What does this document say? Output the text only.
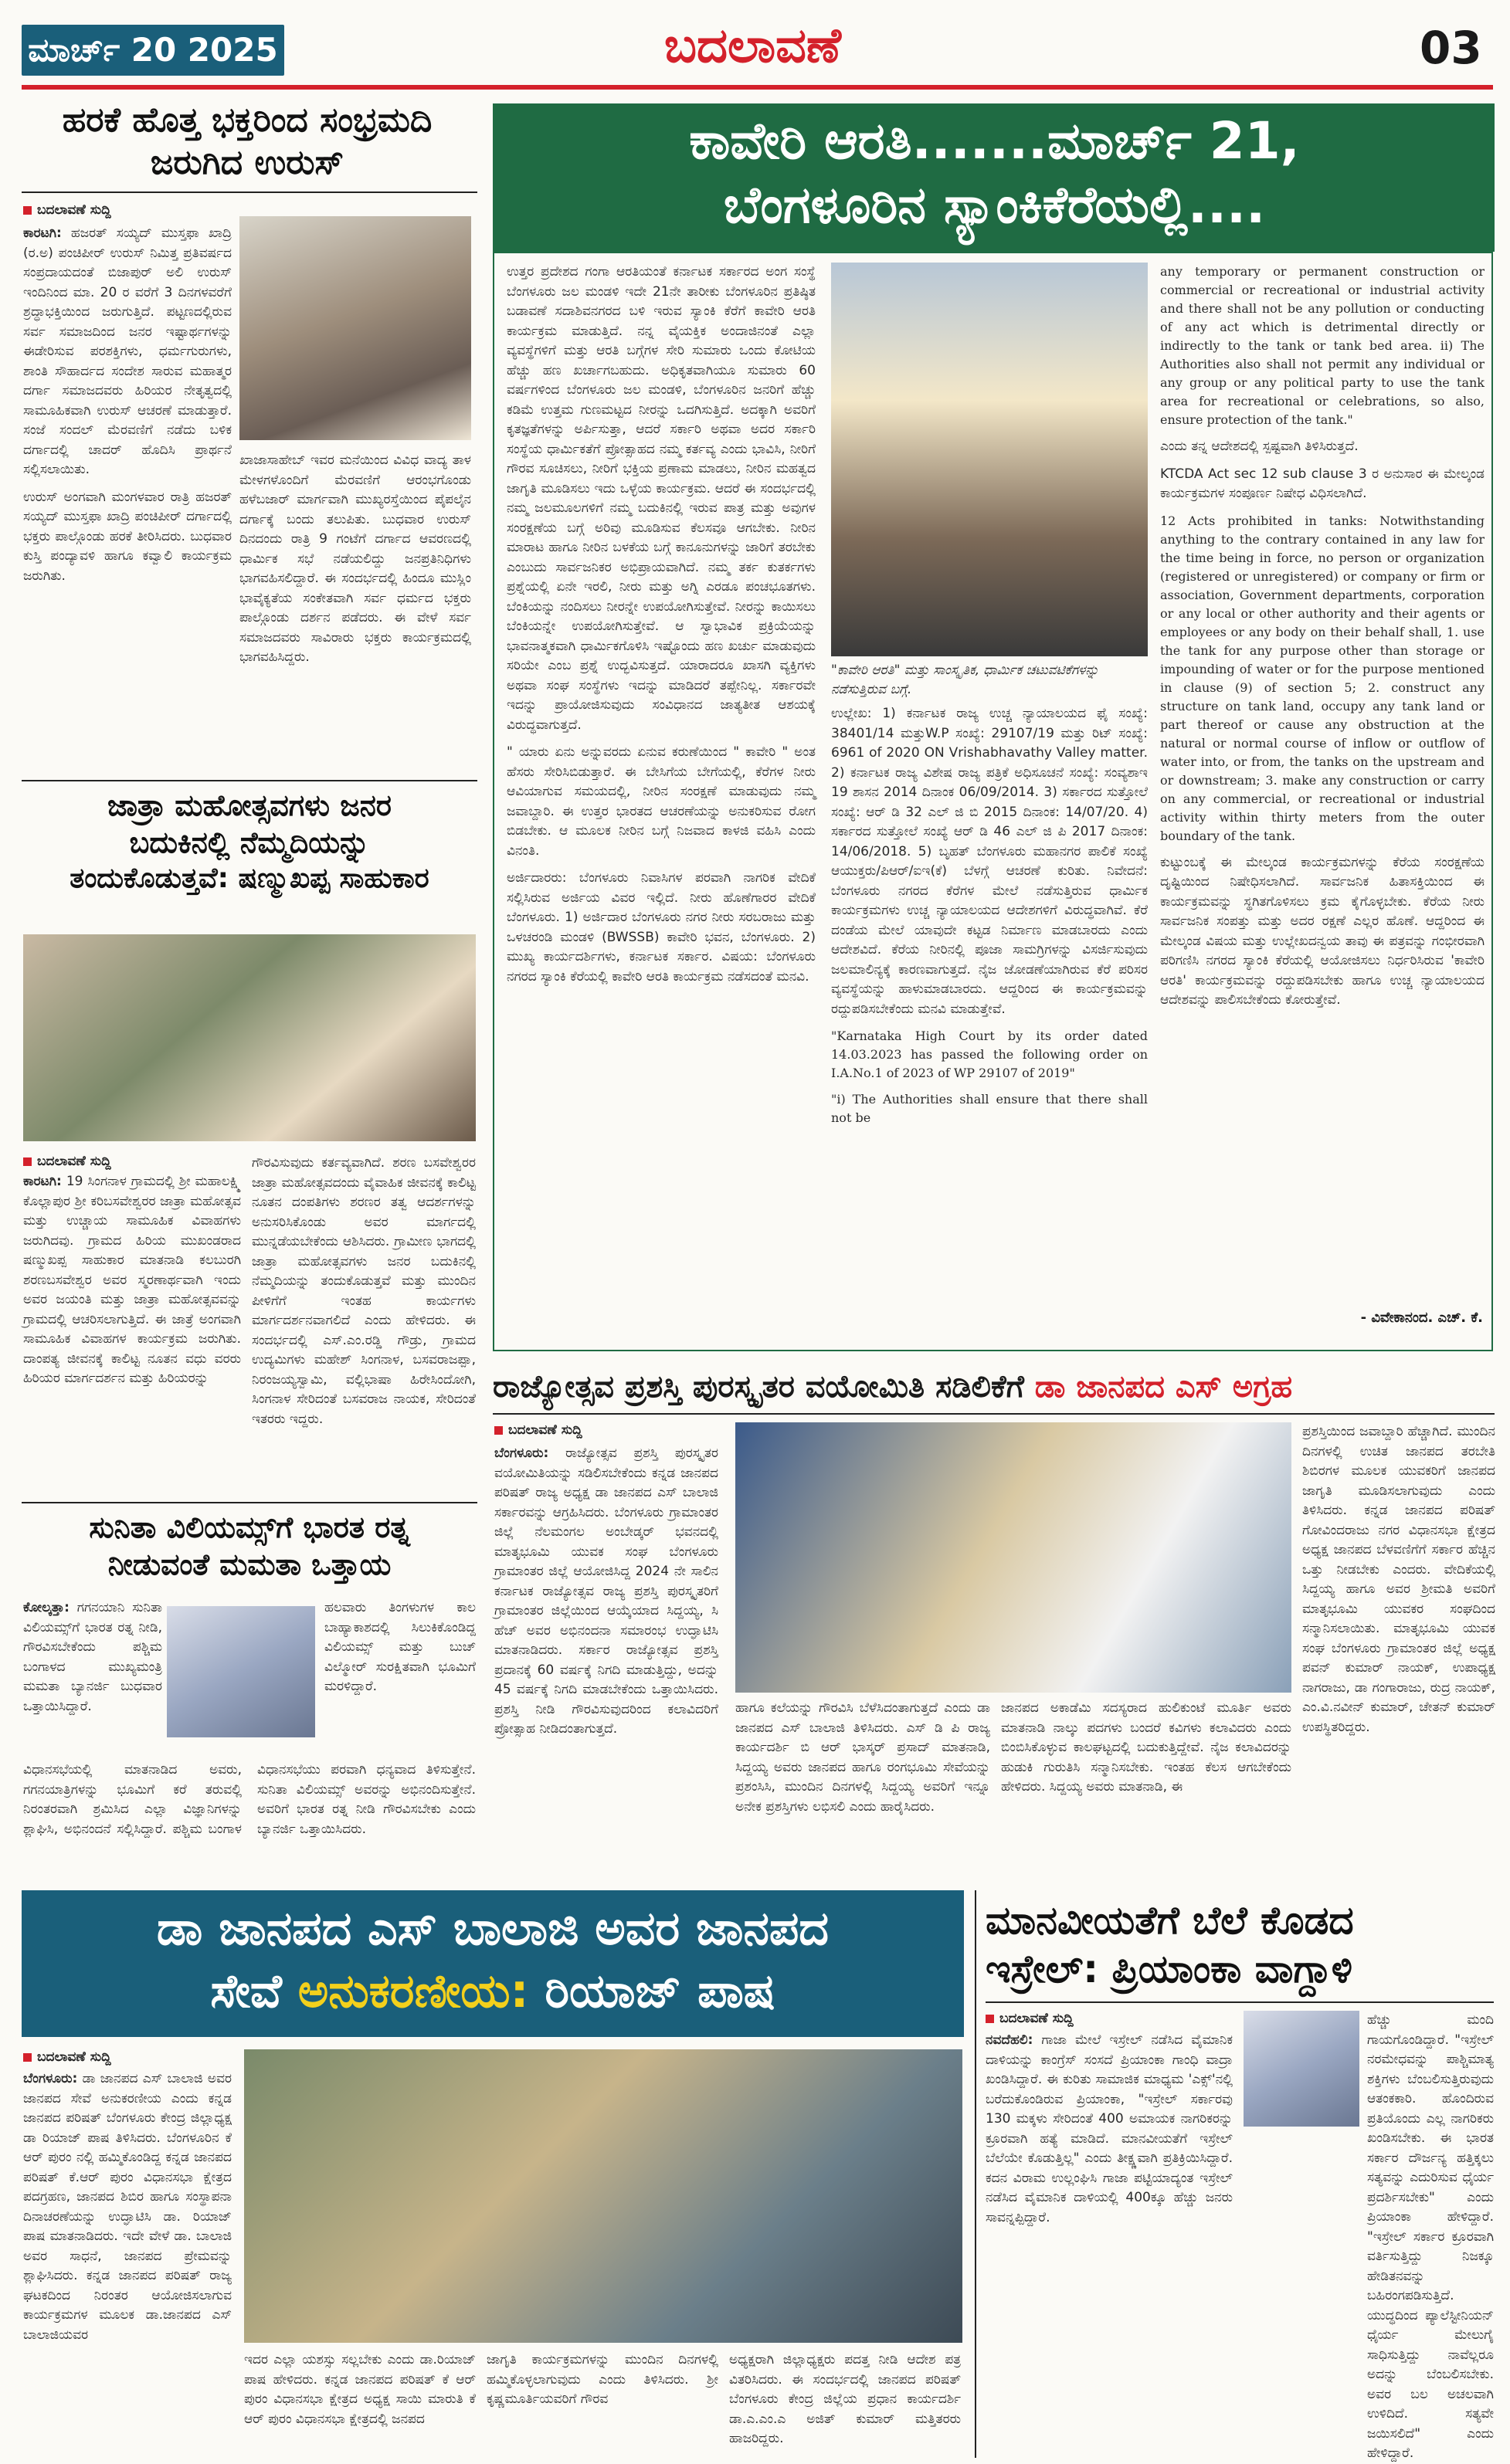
ಮಾರ್ಚ್ 20 2025	ಬದಲಾವಣೆ	03
ಹರಕೆ ಹೊತ್ತ ಭಕ್ತರಿಂದ ಸಂಭ್ರಮದಿ ಜರುಗಿದ ಉರುಸ್
ಬದಲಾವಣೆ ಸುದ್ದಿ

ಕಾರಟಗಿ: ಹಜರತ್ ಸಯ್ಯದ್ ಮುಸ್ತಫಾ ಖಾದ್ರಿ (ರ.ಅ) ಪಂಚಿಪೀರ್ ಉರುಸ್ ನಿಮಿತ್ತ ಪ್ರತಿವರ್ಷದ ಸಂಪ್ರದಾಯದಂತೆ ಬಿಜಾಪುರ್ ಅಲಿ ಉರುಸ್ ಇಂದಿನಿಂದ ಮಾ. 20 ರ ವರೆಗೆ 3 ದಿನಗಳವರೆಗೆ ಶ್ರದ್ಧಾಭಕ್ತಿಯಿಂದ ಜರುಗುತ್ತಿದೆ. ಪಟ್ಟಣದಲ್ಲಿರುವ ಸರ್ವ ಸಮಾಜದಿಂದ ಜನರ ಇಷ್ಟಾರ್ಥಗಳನ್ನು ಈಡೇರಿಸುವ ಪರಶಕ್ತಿಗಳು, ಧರ್ಮಗುರುಗಳು, ಶಾಂತಿ ಸೌಹಾರ್ದದ ಸಂದೇಶ ಸಾರುವ ಮಹಾತ್ಮರ ದರ್ಗಾ ಸಮಾಜದವರು ಹಿರಿಯರ ನೇತೃತ್ವದಲ್ಲಿ ಸಾಮೂಹಿಕವಾಗಿ ಉರುಸ್ ಆಚರಣೆ ಮಾಡುತ್ತಾರೆ. ಸಂಜೆ ಸಂದಲ್ ಮೆರವಣಿಗೆ ನಡೆದು ಬಳಿಕ ದರ್ಗಾದಲ್ಲಿ ಚಾದರ್ ಹೊದಿಸಿ ಪ್ರಾರ್ಥನೆ ಸಲ್ಲಿಸಲಾಯಿತು.

ಉರುಸ್ ಅಂಗವಾಗಿ ಮಂಗಳವಾರ ರಾತ್ರಿ ಹಜರತ್ ಸಯ್ಯದ್ ಮುಸ್ತಫಾ ಖಾದ್ರಿ ಪಂಚಿಪೀರ್ ದರ್ಗಾದಲ್ಲಿ ಭಕ್ತರು ಪಾಲ್ಗೊಂಡು ಹರಕೆ ತೀರಿಸಿದರು. ಬುಧವಾರ ಕುಸ್ತಿ ಪಂದ್ಯಾವಳಿ ಹಾಗೂ ಕವ್ವಾಲಿ ಕಾರ್ಯಕ್ರಮ ಜರುಗಿತು.

ಖಾಜಾಸಾಹೇಬ್ ಇವರ ಮನೆಯಿಂದ ವಿವಿಧ ವಾದ್ಯ ತಾಳ ಮೇಳಗಳೊಂದಿಗೆ ಮೆರವಣಿಗೆ ಆರಂಭಗೊಂಡು ಹಳೆಬಜಾರ್ ಮಾರ್ಗವಾಗಿ ಮುಖ್ಯರಸ್ತೆಯಿಂದ ಪೈಪಲೈನ ದರ್ಗಾಕ್ಕೆ ಬಂದು ತಲುಪಿತು. ಬುಧವಾರ ಉರುಸ್ ದಿನದಂದು ರಾತ್ರಿ 9 ಗಂಟೆಗೆ ದರ್ಗಾದ ಆವರಣದಲ್ಲಿ ಧಾರ್ಮಿಕ ಸಭೆ ನಡೆಯಲಿದ್ದು ಜನಪ್ರತಿನಿಧಿಗಳು ಭಾಗವಹಿಸಲಿದ್ದಾರೆ. ಈ ಸಂದರ್ಭದಲ್ಲಿ ಹಿಂದೂ ಮುಸ್ಲಿಂ ಭಾವೈಕ್ಯತೆಯ ಸಂಕೇತವಾಗಿ ಸರ್ವ ಧರ್ಮದ ಭಕ್ತರು ಪಾಲ್ಗೊಂಡು ದರ್ಶನ ಪಡೆದರು. ಈ ವೇಳೆ ಸರ್ವ ಸಮಾಜದವರು ಸಾವಿರಾರು ಭಕ್ತರು ಕಾರ್ಯಕ್ರಮದಲ್ಲಿ ಭಾಗವಹಿಸಿದ್ದರು.

ಜಾತ್ರಾ ಮಹೋತ್ಸವಗಳು ಜನರ
ಬದುಕಿನಲ್ಲಿ ನೆಮ್ಮದಿಯನ್ನು
ತಂದುಕೊಡುತ್ತವೆ: ಷಣ್ಮುಖಪ್ಪ ಸಾಹುಕಾರ
ಬದಲಾವಣೆ ಸುದ್ದಿ

ಕಾರಟಗಿ: 19 ಸಿಂಗನಾಳ ಗ್ರಾಮದಲ್ಲಿ ಶ್ರೀ ಮಹಾಲಕ್ಷ್ಮಿ ಕೊಲ್ಲಾಪುರ ಶ್ರೀ ಕರಿಬಸವೇಶ್ವರರ ಜಾತ್ರಾ ಮಹೋತ್ಸವ ಮತ್ತು ಉಚ್ಚಾಯ ಸಾಮೂಹಿಕ ವಿವಾಹಗಳು ಜರುಗಿದವು. ಗ್ರಾಮದ ಹಿರಿಯ ಮುಖಂಡರಾದ ಷಣ್ಮುಖಪ್ಪ ಸಾಹುಕಾರ ಮಾತನಾಡಿ ಕಲಬುರಗಿ ಶರಣಬಸವೇಶ್ವರ ಅವರ ಸ್ಮರಣಾರ್ಥವಾಗಿ ಇಂದು ಅವರ ಜಯಂತಿ ಮತ್ತು ಜಾತ್ರಾ ಮಹೋತ್ಸವವನ್ನು ಗ್ರಾಮದಲ್ಲಿ ಆಚರಿಸಲಾಗುತ್ತಿದೆ. ಈ ಜಾತ್ರೆ ಅಂಗವಾಗಿ ಸಾಮೂಹಿಕ ವಿವಾಹಗಳ ಕಾರ್ಯಕ್ರಮ ಜರುಗಿತು. ದಾಂಪತ್ಯ ಜೀವನಕ್ಕೆ ಕಾಲಿಟ್ಟ ನೂತನ ವಧು ವರರು ಹಿರಿಯರ ಮಾರ್ಗದರ್ಶನ ಮತ್ತು ಹಿರಿಯರನ್ನು

ಗೌರವಿಸುವುದು ಕರ್ತವ್ಯವಾಗಿದೆ. ಶರಣ ಬಸವೇಶ್ವರರ ಜಾತ್ರಾ ಮಹೋತ್ಸವದಂದು ವೈವಾಹಿಕ ಜೀವನಕ್ಕೆ ಕಾಲಿಟ್ಟ ನೂತನ ದಂಪತಿಗಳು ಶರಣರ ತತ್ವ ಆದರ್ಶಗಳನ್ನು ಅನುಸರಿಸಿಕೊಂಡು ಅವರ ಮಾರ್ಗದಲ್ಲಿ ಮುನ್ನಡೆಯಬೇಕೆಂದು ಆಶಿಸಿದರು. ಗ್ರಾಮೀಣ ಭಾಗದಲ್ಲಿ ಜಾತ್ರಾ ಮಹೋತ್ಸವಗಳು ಜನರ ಬದುಕಿನಲ್ಲಿ ನೆಮ್ಮದಿಯನ್ನು ತಂದುಕೊಡುತ್ತವೆ ಮತ್ತು ಮುಂದಿನ ಪೀಳಿಗೆಗೆ ಇಂತಹ ಕಾರ್ಯಗಳು ಮಾರ್ಗದರ್ಶನವಾಗಲಿದೆ ಎಂದು ಹೇಳಿದರು. ಈ ಸಂದರ್ಭದಲ್ಲಿ ಎಸ್.ಎಂ.ರಡ್ಡಿ ಗೌಡ್ರು, ಗ್ರಾಮದ ಉದ್ಯಮಿಗಳು ಮಹೇಶ್ ಸಿಂಗನಾಳ, ಬಸವರಾಜಪ್ಪಾ, ನಿರಂಜಯ್ಯಸ್ವಾಮಿ, ವಲ್ಲಿಭಾಷಾ ಹಿರೇಸಿಂದೋಗಿ, ಸಿಂಗನಾಳ ಸೇರಿದಂತೆ ಬಸವರಾಜ ನಾಯಕ, ಸೇರಿದಂತೆ ಇತರರು ಇದ್ದರು.

ಸುನಿತಾ ವಿಲಿಯಮ್ಸ್‌ಗೆ ಭಾರತ ರತ್ನ
ನೀಡುವಂತೆ ಮಮತಾ ಒತ್ತಾಯ

ಕೋಲ್ಕತ್ತಾ: ಗಗನಯಾನಿ ಸುನಿತಾ ವಿಲಿಯಮ್ಸ್‌ಗೆ ಭಾರತ ರತ್ನ ನೀಡಿ, ಗೌರವಿಸಬೇಕೆಂದು ಪಶ್ಚಿಮ ಬಂಗಾಳದ ಮುಖ್ಯಮಂತ್ರಿ ಮಮತಾ ಬ್ಯಾನರ್ಜಿ ಬುಧವಾರ ಒತ್ತಾಯಿಸಿದ್ದಾರೆ.

ಹಲವಾರು ತಿಂಗಳುಗಳ ಕಾಲ ಬಾಹ್ಯಾಕಾಶದಲ್ಲಿ ಸಿಲುಕಿಕೊಂಡಿದ್ದ ವಿಲಿಯಮ್ಸ್ ಮತ್ತು ಬುಚ್ ವಿಲ್ಮೋರ್ ಸುರಕ್ಷಿತವಾಗಿ ಭೂಮಿಗೆ ಮರಳಿದ್ದಾರೆ.

ವಿಧಾನಸಭೆಯಲ್ಲಿ ಮಾತನಾಡಿದ ಅವರು, ಗಗನಯಾತ್ರಿಗಳನ್ನು ಭೂಮಿಗೆ ಕರೆ ತರುವಲ್ಲಿ ನಿರಂತರವಾಗಿ ಶ್ರಮಿಸಿದ ಎಲ್ಲಾ ವಿಜ್ಞಾನಿಗಳನ್ನು ಶ್ಲಾಘಿಸಿ, ಅಭಿನಂದನೆ ಸಲ್ಲಿಸಿದ್ದಾರೆ. ಪಶ್ಚಿಮ ಬಂಗಾಳ ವಿಧಾನಸಭೆಯು ಪರವಾಗಿ ಧನ್ಯವಾದ ತಿಳಿಸುತ್ತೇನೆ. ಸುನಿತಾ ವಿಲಿಯಮ್ಸ್ ಅವರನ್ನು ಅಭಿನಂದಿಸುತ್ತೇನೆ. ಅವರಿಗೆ ಭಾರತ ರತ್ನ ನೀಡಿ ಗೌರವಿಸಬೇಕು ಎಂದು ಬ್ಯಾನರ್ಜಿ ಒತ್ತಾಯಿಸಿದರು.

ಕಾವೇರಿ ಆರತಿ.......ಮಾರ್ಚ್ 21,
ಬೆಂಗಳೂರಿನ ಸ್ಯಾಂಕಿಕೆರೆಯಲ್ಲಿ....

ಉತ್ತರ ಪ್ರದೇಶದ ಗಂಗಾ ಆರತಿಯಂತೆ ಕರ್ನಾಟಕ ಸರ್ಕಾರದ ಅಂಗ ಸಂಸ್ಥೆ ಬೆಂಗಳೂರು ಜಲ ಮಂಡಳಿ ಇದೇ 21ನೇ ತಾರೀಕು ಬೆಂಗಳೂರಿನ ಪ್ರತಿಷ್ಠಿತ ಬಡಾವಣೆ ಸದಾಶಿವನಗರದ ಬಳಿ ಇರುವ ಸ್ಯಾಂಕಿ ಕೆರೆಗೆ ಕಾವೇರಿ ಆರತಿ ಕಾರ್ಯಕ್ರಮ ಮಾಡುತ್ತಿದೆ. ನನ್ನ ವೈಯಕ್ತಿಕ ಅಂದಾಜಿನಂತೆ ಎಲ್ಲಾ ವ್ಯವಸ್ಥೆಗಳಿಗೆ ಮತ್ತು ಆರತಿ ಬಗ್ಗೆಗಳ ಸೇರಿ ಸುಮಾರು ಒಂದು ಕೋಟಿಯ ಹೆಚ್ಚು ಹಣ ಖರ್ಚಾಗಬಹುದು. ಅಧಿಕೃತವಾಗಿಯೂ ಸುಮಾರು 60 ವರ್ಷಗಳಿಂದ ಬೆಂಗಳೂರು ಜಲ ಮಂಡಳಿ, ಬೆಂಗಳೂರಿನ ಜನರಿಗೆ ಹೆಚ್ಚು ಕಡಿಮೆ ಉತ್ತಮ ಗುಣಮಟ್ಟದ ನೀರನ್ನು ಒದಗಿಸುತ್ತಿದೆ. ಅದಕ್ಕಾಗಿ ಅವರಿಗೆ ಕೃತಜ್ಞತೆಗಳನ್ನು ಅರ್ಪಿಸುತ್ತಾ, ಆದರೆ ಸರ್ಕಾರಿ ಅಥವಾ ಅದರ ಸರ್ಕಾರಿ ಸಂಸ್ಥೆಯ ಧಾರ್ಮಿಕತೆಗೆ ಪ್ರೋತ್ಸಾಹದ ನಮ್ಮ ಕರ್ತವ್ಯ ಎಂದು ಭಾವಿಸಿ, ನೀರಿಗೆ ಗೌರವ ಸೂಚಿಸಲು, ನೀರಿಗೆ ಭಕ್ತಿಯ ಪ್ರಣಾಮ ಮಾಡಲು, ನೀರಿನ ಮಹತ್ವದ ಜಾಗೃತಿ ಮೂಡಿಸಲು ಇದು ಒಳ್ಳೆಯ ಕಾರ್ಯಕ್ರಮ. ಆದರೆ ಈ ಸಂದರ್ಭದಲ್ಲಿ ನಮ್ಮ ಜಲಮೂಲಗಳಿಗೆ ನಮ್ಮ ಬದುಕಿನಲ್ಲಿ ಇರುವ ಪಾತ್ರ ಮತ್ತು ಅವುಗಳ ಸಂರಕ್ಷಣೆಯ ಬಗ್ಗೆ ಅರಿವು ಮೂಡಿಸುವ ಕೆಲಸವೂ ಆಗಬೇಕು. ನೀರಿನ ಮಾರಾಟ ಹಾಗೂ ನೀರಿನ ಬಳಕೆಯ ಬಗ್ಗೆ ಕಾನೂನುಗಳನ್ನು ಜಾರಿಗೆ ತರಬೇಕು ಎಂಬುದು ಸಾರ್ವಜನಿಕರ ಅಭಿಪ್ರಾಯವಾಗಿದೆ. ನಮ್ಮ ತರ್ಕ ಕುತರ್ಕಗಳು ಪ್ರಶ್ನೆಯಲ್ಲಿ ಏನೇ ಇರಲಿ, ನೀರು ಮತ್ತು ಅಗ್ನಿ ಎರಡೂ ಪಂಚಭೂತಗಳು. ಬೆಂಕಿಯನ್ನು ನಂದಿಸಲು ನೀರನ್ನೇ ಉಪಯೋಗಿಸುತ್ತೇವೆ. ನೀರನ್ನು ಕಾಯಿಸಲು ಬೆಂಕಿಯನ್ನೇ ಉಪಯೋಗಿಸುತ್ತೇವೆ. ಆ ಸ್ವಾಭಾವಿಕ ಪ್ರಕ್ರಿಯೆಯನ್ನು ಭಾವನಾತ್ಮಕವಾಗಿ ಧಾರ್ಮಿಕಗೊಳಿಸಿ ಇಷ್ಟೊಂದು ಹಣ ಖರ್ಚು ಮಾಡುವುದು ಸರಿಯೇ ಎಂಬ ಪ್ರಶ್ನೆ ಉದ್ಭವಿಸುತ್ತದೆ. ಯಾರಾದರೂ ಖಾಸಗಿ ವ್ಯಕ್ತಿಗಳು ಅಥವಾ ಸಂಘ ಸಂಸ್ಥೆಗಳು ಇದನ್ನು ಮಾಡಿದರೆ ತಪ್ಪೇನಿಲ್ಲ. ಸರ್ಕಾರವೇ ಇದನ್ನು ಪ್ರಾಯೋಜಿಸುವುದು ಸಂವಿಧಾನದ ಜಾತ್ಯತೀತ ಆಶಯಕ್ಕೆ ವಿರುದ್ಧವಾಗುತ್ತದೆ.

" ಯಾರು ಏನು ಅನ್ನುವರದು ಏನುವ ಕರುಣೆಯಿಂದ " ಕಾವೇರಿ " ಅಂತ ಹೆಸರು ಸೇರಿಸಿಬಿಡುತ್ತಾರೆ. ಈ ಬೇಸಿಗೆಯ ಬೇಗೆಯಲ್ಲಿ, ಕೆರೆಗಳ ನೀರು ಆವಿಯಾಗುವ ಸಮಯದಲ್ಲಿ, ನೀರಿನ ಸಂರಕ್ಷಣೆ ಮಾಡುವುದು ನಮ್ಮ ಜವಾಬ್ದಾರಿ. ಈ ಉತ್ತರ ಭಾರತದ ಆಚರಣೆಯನ್ನು ಅನುಕರಿಸುವ ರೋಗ ಬಿಡಬೇಕು. ಆ ಮೂಲಕ ನೀರಿನ ಬಗ್ಗೆ ನಿಜವಾದ ಕಾಳಜಿ ವಹಿಸಿ ಎಂದು ವಿನಂತಿ.

ಅರ್ಜಿದಾರರು: ಬೆಂಗಳೂರು ನಿವಾಸಿಗಳ ಪರವಾಗಿ ನಾಗರಿಕ ವೇದಿಕೆ ಸಲ್ಲಿಸಿರುವ ಅರ್ಜಿಯ ವಿವರ ಇಲ್ಲಿದೆ. ನೀರು ಹೊಣೆಗಾರರ ವೇದಿಕೆ ಬೆಂಗಳೂರು. 1) ಅರ್ಜಿದಾರ ಬೆಂಗಳೂರು ನಗರ ನೀರು ಸರಬರಾಜು ಮತ್ತು ಒಳಚರಂಡಿ ಮಂಡಳಿ (BWSSB) ಕಾವೇರಿ ಭವನ, ಬೆಂಗಳೂರು. 2) ಮುಖ್ಯ ಕಾರ್ಯದರ್ಶಿಗಳು, ಕರ್ನಾಟಕ ಸರ್ಕಾರ. ವಿಷಯ: ಬೆಂಗಳೂರು ನಗರದ ಸ್ಯಾಂಕಿ ಕೆರೆಯಲ್ಲಿ ಕಾವೇರಿ ಆರತಿ ಕಾರ್ಯಕ್ರಮ ನಡೆಸದಂತೆ ಮನವಿ.

"ಕಾವೇರಿ ಆರತಿ" ಮತ್ತು ಸಾಂಸ್ಕೃತಿಕ, ಧಾರ್ಮಿಕ ಚಟುವಟಿಕೆಗಳನ್ನು ನಡೆಸುತ್ತಿರುವ ಬಗ್ಗೆ.

ಉಲ್ಲೇಖ: 1) ಕರ್ನಾಟಕ ರಾಜ್ಯ ಉಚ್ಚ ನ್ಯಾಯಾಲಯದ ಫೈ ಸಂಖ್ಯೆ: 38401/14 ಮತ್ತುW.P ಸಂಖ್ಯೆ: 29107/19 ಮತ್ತು ರಿಟ್ ಸಂಖ್ಯೆ: 6961 of 2020 ON Vrishabhavathy Valley matter. 2) ಕರ್ನಾಟಕ ರಾಜ್ಯ ವಿಶೇಷ ರಾಜ್ಯ ಪತ್ರಿಕೆ ಅಧಿಸೂಚನೆ ಸಂಖ್ಯೆ: ಸಂವ್ಯಶಾಇ 19 ಶಾಸನ 2014 ದಿನಾಂಕ 06/09/2014. 3) ಸರ್ಕಾರದ ಸುತ್ತೋಲೆ ಸಂಖ್ಯೆ: ಆರ್ ಡಿ 32 ಎಲ್ ಜಿ ಬಿ 2015 ದಿನಾಂಕ: 14/07/20. 4) ಸರ್ಕಾರದ ಸುತ್ತೋಲೆ ಸಂಖ್ಯೆ ಆರ್ ಡಿ 46 ಎಲ್ ಜಿ ಪಿ 2017 ದಿನಾಂಕ: 14/06/2018. 5) ಬೃಹತ್ ಬೆಂಗಳೂರು ಮಹಾನಗರ ಪಾಲಿಕೆ ಸಂಖ್ಯೆ ಆಯುಕ್ತರು/ಪಿಆರ್/ಐಇ(ಕೆ) ಬೆಳಗ್ಗೆ ಆಚರಣೆ ಕುರಿತು. ನಿವೇದನೆ: ಬೆಂಗಳೂರು ನಗರದ ಕೆರೆಗಳ ಮೇಲೆ ನಡೆಸುತ್ತಿರುವ ಧಾರ್ಮಿಕ ಕಾರ್ಯಕ್ರಮಗಳು ಉಚ್ಚ ನ್ಯಾಯಾಲಯದ ಆದೇಶಗಳಿಗೆ ವಿರುದ್ಧವಾಗಿವೆ. ಕೆರೆ ದಂಡೆಯ ಮೇಲೆ ಯಾವುದೇ ಕಟ್ಟಡ ನಿರ್ಮಾಣ ಮಾಡಬಾರದು ಎಂದು ಆದೇಶವಿದೆ. ಕೆರೆಯ ನೀರಿನಲ್ಲಿ ಪೂಜಾ ಸಾಮಗ್ರಿಗಳನ್ನು ವಿಸರ್ಜಿಸುವುದು ಜಲಮಾಲಿನ್ಯಕ್ಕೆ ಕಾರಣವಾಗುತ್ತದೆ. ನೈಜ ಜೋಡಣೆಯಾಗಿರುವ ಕೆರೆ ಪರಿಸರ ವ್ಯವಸ್ಥೆಯನ್ನು ಹಾಳುಮಾಡಬಾರದು. ಆದ್ದರಿಂದ ಈ ಕಾರ್ಯಕ್ರಮವನ್ನು ರದ್ದುಪಡಿಸಬೇಕೆಂದು ಮನವಿ ಮಾಡುತ್ತೇವೆ.

"Karnataka High Court by its order dated 14.03.2023 has passed the following order on I.A.No.1 of 2023 of WP 29107 of 2019"

"i) The Authorities shall ensure that there shall not be

any temporary or permanent construction or commercial or recreational or industrial activity and there shall not be any pollution or conducting of any act which is detrimental directly or indirectly to the tank or tank bed area. ii) The Authorities also shall not permit any individual or any group or any political party to use the tank area for recreational or celebrations, so also, ensure protection of the tank."

ಎಂದು ತನ್ನ ಆದೇಶದಲ್ಲಿ ಸ್ಪಷ್ಟವಾಗಿ ತಿಳಿಸಿರುತ್ತದೆ.

KTCDA Act sec 12 sub clause 3 ರ ಅನುಸಾರ ಈ ಮೇಲ್ಕಂಡ ಕಾರ್ಯಕ್ರಮಗಳ ಸಂಪೂರ್ಣ ನಿಷೇಧ ವಿಧಿಸಲಾಗಿದೆ.

12 Acts prohibited in tanks: Notwithstanding anything to the contrary contained in any law for the time being in force, no person or organization (registered or unregistered) or company or firm or association, Government departments, corporation or any local or other authority and their agents or employees or any body on their behalf shall, 1. use the tank for any purpose other than storage or impounding of water or for the purpose mentioned in clause (9) of section 5; 2. construct any structure on tank land, occupy any tank land or part thereof or cause any obstruction at the natural or normal course of inflow or outflow of water into, or from, the tanks on the upstream and or downstream; 3. make any construction or carry on any commercial, or recreational or industrial activity within thirty meters from the outer boundary of the tank.

ಕುಟ್ಟುಂಬಕ್ಕೆ ಈ ಮೇಲ್ಕಂಡ ಕಾರ್ಯಕ್ರಮಗಳನ್ನು ಕೆರೆಯ ಸಂರಕ್ಷಣೆಯ ದೃಷ್ಟಿಯಿಂದ ನಿಷೇಧಿಸಲಾಗಿದೆ. ಸಾರ್ವಜನಿಕ ಹಿತಾಸಕ್ತಿಯಿಂದ ಈ ಕಾರ್ಯಕ್ರಮವನ್ನು ಸ್ಥಗಿತಗೊಳಿಸಲು ಕ್ರಮ ಕೈಗೊಳ್ಳಬೇಕು. ಕೆರೆಯ ನೀರು ಸಾರ್ವಜನಿಕ ಸಂಪತ್ತು ಮತ್ತು ಅದರ ರಕ್ಷಣೆ ಎಲ್ಲರ ಹೊಣೆ. ಆದ್ದರಿಂದ ಈ ಮೇಲ್ಕಂಡ ವಿಷಯ ಮತ್ತು ಉಲ್ಲೇಖದನ್ವಯ ತಾವು ಈ ಪತ್ರವನ್ನು ಗಂಭೀರವಾಗಿ ಪರಿಗಣಿಸಿ ನಗರದ ಸ್ಯಾಂಕಿ ಕೆರೆಯಲ್ಲಿ ಆಯೋಜಿಸಲು ನಿರ್ಧರಿಸಿರುವ 'ಕಾವೇರಿ ಆರತಿ' ಕಾರ್ಯಕ್ರಮವನ್ನು ರದ್ದುಪಡಿಸಬೇಕು ಹಾಗೂ ಉಚ್ಚ ನ್ಯಾಯಾಲಯದ ಆದೇಶವನ್ನು ಪಾಲಿಸಬೇಕೆಂದು ಕೋರುತ್ತೇವೆ.

- ವಿವೇಕಾನಂದ. ಎಚ್. ಕೆ.
ರಾಜ್ಯೋತ್ಸವ ಪ್ರಶಸ್ತಿ ಪುರಸ್ಕೃತರ ವಯೋಮಿತಿ ಸಡಿಲಿಕೆಗೆ ಡಾ ಜಾನಪದ ಎಸ್ ಅಗ್ರಹ
ಬದಲಾವಣೆ ಸುದ್ದಿ

ಬೆಂಗಳೂರು: ರಾಜ್ಯೋತ್ಸವ ಪ್ರಶಸ್ತಿ ಪುರಸ್ಕೃತರ ವಯೋಮಿತಿಯನ್ನು ಸಡಿಲಿಸಬೇಕೆಂದು ಕನ್ನಡ ಜಾನಪದ ಪರಿಷತ್ ರಾಜ್ಯ ಅಧ್ಯಕ್ಷ ಡಾ ಜಾನಪದ ಎಸ್ ಬಾಲಾಜಿ ಸರ್ಕಾರವನ್ನು ಆಗ್ರಹಿಸಿದರು. ಬೆಂಗಳೂರು ಗ್ರಾಮಾಂತರ ಜಿಲ್ಲೆ ನೆಲಮಂಗಲ ಅಂಬೇಡ್ಕರ್ ಭವನದಲ್ಲಿ ಮಾತೃಭೂಮಿ ಯುವಕ ಸಂಘ ಬೆಂಗಳೂರು ಗ್ರಾಮಾಂತರ ಜಿಲ್ಲೆ ಆಯೋಜಿಸಿದ್ದ 2024 ನೇ ಸಾಲಿನ ಕರ್ನಾಟಕ ರಾಜ್ಯೋತ್ಸವ ರಾಜ್ಯ ಪ್ರಶಸ್ತಿ ಪುರಸ್ಕೃತರಿಗೆ ಗ್ರಾಮಾಂತರ ಜಿಲ್ಲೆಯಿಂದ ಆಯ್ಕೆಯಾದ ಸಿದ್ದಯ್ಯ, ಸಿ ಹೆಚ್ ಅವರ ಅಭಿನಂದನಾ ಸಮಾರಂಭ ಉದ್ಘಾಟಿಸಿ ಮಾತನಾಡಿದರು. ಸರ್ಕಾರ ರಾಜ್ಯೋತ್ಸವ ಪ್ರಶಸ್ತಿ ಪ್ರದಾನಕ್ಕೆ 60 ವರ್ಷಕ್ಕೆ ನಿಗದಿ ಮಾಡುತ್ತಿದ್ದು, ಅದನ್ನು 45 ವರ್ಷಕ್ಕೆ ನಿಗದಿ ಮಾಡಬೇಕೆಂದು ಒತ್ತಾಯಿಸಿದರು. ಪ್ರಶಸ್ತಿ ನೀಡಿ ಗೌರವಿಸುವುದರಿಂದ ಕಲಾವಿದರಿಗೆ ಪ್ರೋತ್ಸಾಹ ನೀಡಿದಂತಾಗುತ್ತದೆ.

ಹಾಗೂ ಕಲೆಯನ್ನು ಗೌರವಿಸಿ ಬೆಳೆಸಿದಂತಾಗುತ್ತದೆ ಎಂದು ಡಾ ಜಾನಪದ ಎಸ್ ಬಾಲಾಜಿ ತಿಳಿಸಿದರು. ಎಸ್ ಡಿ ಪಿ ರಾಜ್ಯ ಕಾರ್ಯದರ್ಶಿ ಬಿ ಆರ್ ಭಾಸ್ಕರ್ ಪ್ರಸಾದ್ ಮಾತನಾಡಿ, ಸಿದ್ದಯ್ಯ ಅವರು ಜಾನಪದ ಹಾಗೂ ರಂಗಭೂಮಿ ಸೇವೆಯನ್ನು ಪ್ರಶಂಸಿಸಿ, ಮುಂದಿನ ದಿನಗಳಲ್ಲಿ ಸಿದ್ದಯ್ಯ ಅವರಿಗೆ ಇನ್ನೂ ಅನೇಕ ಪ್ರಶಸ್ತಿಗಳು ಲಭಿಸಲಿ ಎಂದು ಹಾರೈಸಿದರು.

ಜಾನಪದ ಅಕಾಡೆಮಿ ಸದಸ್ಯರಾದ ಹುಲಿಕುಂಟೆ ಮೂರ್ತಿ ಅವರು ಮಾತನಾಡಿ ನಾಲ್ಕು ಪದಗಳು ಬಂದರೆ ಕವಿಗಳು ಕಲಾವಿದರು ಎಂದು ಬಿಂಬಿಸಿಕೊಳ್ಳುವ ಕಾಲಘಟ್ಟದಲ್ಲಿ ಬದುಕುತ್ತಿದ್ದೇವೆ. ನೈಜ ಕಲಾವಿದರನ್ನು ಹುಡುಕಿ ಗುರುತಿಸಿ ಸನ್ಮಾನಿಸಬೇಕು. ಇಂತಹ ಕೆಲಸ ಆಗಬೇಕೆಂದು ಹೇಳಿದರು. ಸಿದ್ದಯ್ಯ ಅವರು ಮಾತನಾಡಿ, ಈ

ಪ್ರಶಸ್ತಿಯಿಂದ ಜವಾಬ್ದಾರಿ ಹೆಚ್ಚಾಗಿದೆ. ಮುಂದಿನ ದಿನಗಳಲ್ಲಿ ಉಚಿತ ಜಾನಪದ ತರಬೇತಿ ಶಿಬಿರಗಳ ಮೂಲಕ ಯುವಕರಿಗೆ ಜಾನಪದ ಜಾಗೃತಿ ಮೂಡಿಸಲಾಗುವುದು ಎಂದು ತಿಳಿಸಿದರು. ಕನ್ನಡ ಜಾನಪದ ಪರಿಷತ್ ಗೋವಿಂದರಾಜು ನಗರ ವಿಧಾನಸಭಾ ಕ್ಷೇತ್ರದ ಅಧ್ಯಕ್ಷ ಜಾನಪದ ಬೆಳವಣಿಗೆಗೆ ಸರ್ಕಾರ ಹೆಚ್ಚಿನ ಒತ್ತು ನೀಡಬೇಕು ಎಂದರು. ವೇದಿಕೆಯಲ್ಲಿ ಸಿದ್ದಯ್ಯ ಹಾಗೂ ಅವರ ಶ್ರೀಮತಿ ಅವರಿಗೆ ಮಾತೃಭೂಮಿ ಯುವಕರ ಸಂಘದಿಂದ ಸನ್ಮಾನಿಸಲಾಯಿತು. ಮಾತೃಭೂಮಿ ಯುವಕ ಸಂಘ ಬೆಂಗಳೂರು ಗ್ರಾಮಾಂತರ ಜಿಲ್ಲೆ ಅಧ್ಯಕ್ಷ ಪವನ್ ಕುಮಾರ್ ನಾಯಕ್, ಉಪಾಧ್ಯಕ್ಷ ನಾಗರಾಜು, ಡಾ ಗಂಗಾರಾಜು, ರುದ್ರ ನಾಯಕ್, ಎಂ.ವಿ.ನವೀನ್ ಕುಮಾರ್, ಚೇತನ್ ಕುಮಾರ್ ಉಪಸ್ಥಿತರಿದ್ದರು.

ಡಾ ಜಾನಪದ ಎಸ್ ಬಾಲಾಜಿ ಅವರ ಜಾನಪದ
ಸೇವೆ ಅನುಕರಣೀಯ: ರಿಯಾಜ್ ಪಾಷ
ಬದಲಾವಣೆ ಸುದ್ದಿ

ಬೆಂಗಳೂರು: ಡಾ ಜಾನಪದ ಎಸ್ ಬಾಲಾಜಿ ಅವರ ಜಾನಪದ ಸೇವೆ ಅನುಕರಣೀಯ ಎಂದು ಕನ್ನಡ ಜಾನಪದ ಪರಿಷತ್ ಬೆಂಗಳೂರು ಕೇಂದ್ರ ಜಿಲ್ಲಾಧ್ಯಕ್ಷ ಡಾ ರಿಯಾಜ್ ಪಾಷ ತಿಳಿಸಿದರು. ಬೆಂಗಳೂರಿನ ಕೆ ಆರ್ ಪುರಂ ನಲ್ಲಿ ಹಮ್ಮಿಕೊಂಡಿದ್ದ ಕನ್ನಡ ಜಾನಪದ ಪರಿಷತ್ ಕೆ.ಆರ್ ಪುರಂ ವಿಧಾನಸಭಾ ಕ್ಷೇತ್ರದ ಪದಗ್ರಹಣ, ಜಾನಪದ ಶಿಬಿರ ಹಾಗೂ ಸಂಸ್ಥಾಪನಾ ದಿನಾಚರಣೆಯನ್ನು ಉದ್ಘಾಟಿಸಿ ಡಾ. ರಿಯಾಜ್ ಪಾಷ ಮಾತನಾಡಿದರು. ಇದೇ ವೇಳೆ ಡಾ. ಬಾಲಾಜಿ ಅವರ ಸಾಧನೆ, ಜಾನಪದ ಪ್ರೇಮವನ್ನು ಶ್ಲಾಘಿಸಿದರು. ಕನ್ನಡ ಜಾನಪದ ಪರಿಷತ್ ರಾಜ್ಯ ಘಟಕದಿಂದ ನಿರಂತರ ಆಯೋಜಿಸಲಾಗುವ ಕಾರ್ಯಕ್ರಮಗಳ ಮೂಲಕ ಡಾ.ಜಾನಪದ ಎಸ್ ಬಾಲಾಜಿಯವರ

ಇದರ ಎಲ್ಲಾ ಯಶಸ್ಸು ಸಲ್ಲಬೇಕು ಎಂದು ಡಾ.ರಿಯಾಜ್ ಪಾಷ ಹೇಳಿದರು. ಕನ್ನಡ ಜಾನಪದ ಪರಿಷತ್ ಕೆ ಆರ್ ಪುರಂ ವಿಧಾನಸಭಾ ಕ್ಷೇತ್ರದ ಅಧ್ಯಕ್ಷ ಸಾಯಿ ಮಾರುತಿ ಕೆ ಆರ್ ಪುರಂ ವಿಧಾನಸಭಾ ಕ್ಷೇತ್ರದಲ್ಲಿ ಜನಪದ

ಜಾಗೃತಿ ಕಾರ್ಯಕ್ರಮಗಳನ್ನು ಮುಂದಿನ ದಿನಗಳಲ್ಲಿ ಹಮ್ಮಿಕೊಳ್ಳಲಾಗುವುದು ಎಂದು ತಿಳಿಸಿದರು. ಶ್ರೀ ಕೃಷ್ಣಮೂರ್ತಿಯವರಿಗೆ ಗೌರವ

ಅಧ್ಯಕ್ಷರಾಗಿ ಜಿಲ್ಲಾಧ್ಯಕ್ಷರು ಪದತ್ತ ನೀಡಿ ಆದೇಶ ಪತ್ರ ವಿತರಿಸಿದರು. ಈ ಸಂದರ್ಭದಲ್ಲಿ ಜಾನಪದ ಪರಿಷತ್ ಬೆಂಗಳೂರು ಕೇಂದ್ರ ಜಿಲ್ಲೆಯ ಪ್ರಧಾನ ಕಾರ್ಯದರ್ಶಿ ಡಾ.ಎ.ಎಂ.ಎ ಅಜಿತ್ ಕುಮಾರ್ ಮತ್ತಿತರರು ಹಾಜರಿದ್ದರು.

ಮಾನವೀಯತೆಗೆ ಬೆಲೆ ಕೊಡದ
ಇಸ್ರೇಲ್: ಪ್ರಿಯಾಂಕಾ ವಾಗ್ದಾಳಿ
ಬದಲಾವಣೆ ಸುದ್ದಿ

ನವದೆಹಲಿ: ಗಾಜಾ ಮೇಲೆ ಇಸ್ರೇಲ್ ನಡೆಸಿದ ವೈಮಾನಿಕ ದಾಳಿಯನ್ನು ಕಾಂಗ್ರೆಸ್ ಸಂಸದೆ ಪ್ರಿಯಾಂಕಾ ಗಾಂಧಿ ವಾದ್ರಾ ಖಂಡಿಸಿದ್ದಾರೆ. ಈ ಕುರಿತು ಸಾಮಾಜಿಕ ಮಾಧ್ಯಮ 'ಎಕ್ಸ್'ನಲ್ಲಿ ಬರೆದುಕೊಂಡಿರುವ ಪ್ರಿಯಾಂಕಾ, "ಇಸ್ರೇಲ್ ಸರ್ಕಾರವು 130 ಮಕ್ಕಳು ಸೇರಿದಂತೆ 400 ಅಮಾಯಕ ನಾಗರಿಕರನ್ನು ಕ್ರೂರವಾಗಿ ಹತ್ಯೆ ಮಾಡಿದೆ. ಮಾನವೀಯತೆಗೆ ಇಸ್ರೇಲ್ ಬೆಲೆಯೇ ಕೊಡುತ್ತಿಲ್ಲ" ಎಂದು ತೀಕ್ಷ್ಣವಾಗಿ ಪ್ರತಿಕ್ರಿಯಿಸಿದ್ದಾರೆ. ಕದನ ವಿರಾಮ ಉಲ್ಲಂಘಿಸಿ ಗಾಜಾ ಪಟ್ಟಿಯಾದ್ಯಂತ ಇಸ್ರೇಲ್ ನಡೆಸಿದ ವೈಮಾನಿಕ ದಾಳಿಯಲ್ಲಿ 400ಕ್ಕೂ ಹೆಚ್ಚು ಜನರು ಸಾವನ್ನಪ್ಪಿದ್ದಾರೆ.

ಹೆಚ್ಚು ಮಂದಿ ಗಾಯಗೊಂಡಿದ್ದಾರೆ. "ಇಸ್ರೇಲ್ ನರಮೇಧವನ್ನು ಪಾಶ್ಚಿಮಾತ್ಯ ಶಕ್ತಿಗಳು ಬೆಂಬಲಿಸುತ್ತಿರುವುದು ಆತಂಕಕಾರಿ. ಹೊಂದಿರುವ ಪ್ರತಿಯೊಂದು ಎಲ್ಲ ನಾಗರಿಕರು ಖಂಡಿಸಬೇಕು. ಈ ಭಾರತ ಸರ್ಕಾರ ದೌರ್ಜನ್ಯ ಹತ್ತಿಕ್ಕಲು ಸತ್ಯವನ್ನು ಎದುರಿಸುವ ಧೈರ್ಯ ಪ್ರದರ್ಶಿಸಬೇಕು" ಎಂದು ಪ್ರಿಯಾಂಕಾ ಹೇಳಿದ್ದಾರೆ. "ಇಸ್ರೇಲ್ ಸರ್ಕಾರ ಕ್ರೂರವಾಗಿ ವರ್ತಿಸುತ್ತಿದ್ದು ನಿಜಕ್ಕೂ ಹೇಡಿತನವನ್ನು ಬಹಿರಂಗಪಡಿಸುತ್ತಿದೆ. ಯುದ್ಧದಿಂದ ಪ್ಯಾಲೆಸ್ಟೀನಿಯನ್ ಧೈರ್ಯ ಮೇಲುಗೈ ಸಾಧಿಸುತ್ತಿದ್ದು ನಾವೆಲ್ಲರೂ ಅದನ್ನು ಬೆಂಬಲಿಸಬೇಕು. ಅವರ ಬಲ ಅಚಲವಾಗಿ ಉಳಿದಿದೆ. ಸತ್ಯವೇ ಜಯಿಸಲಿದೆ" ಎಂದು ಹೇಳಿದ್ದಾರೆ.
